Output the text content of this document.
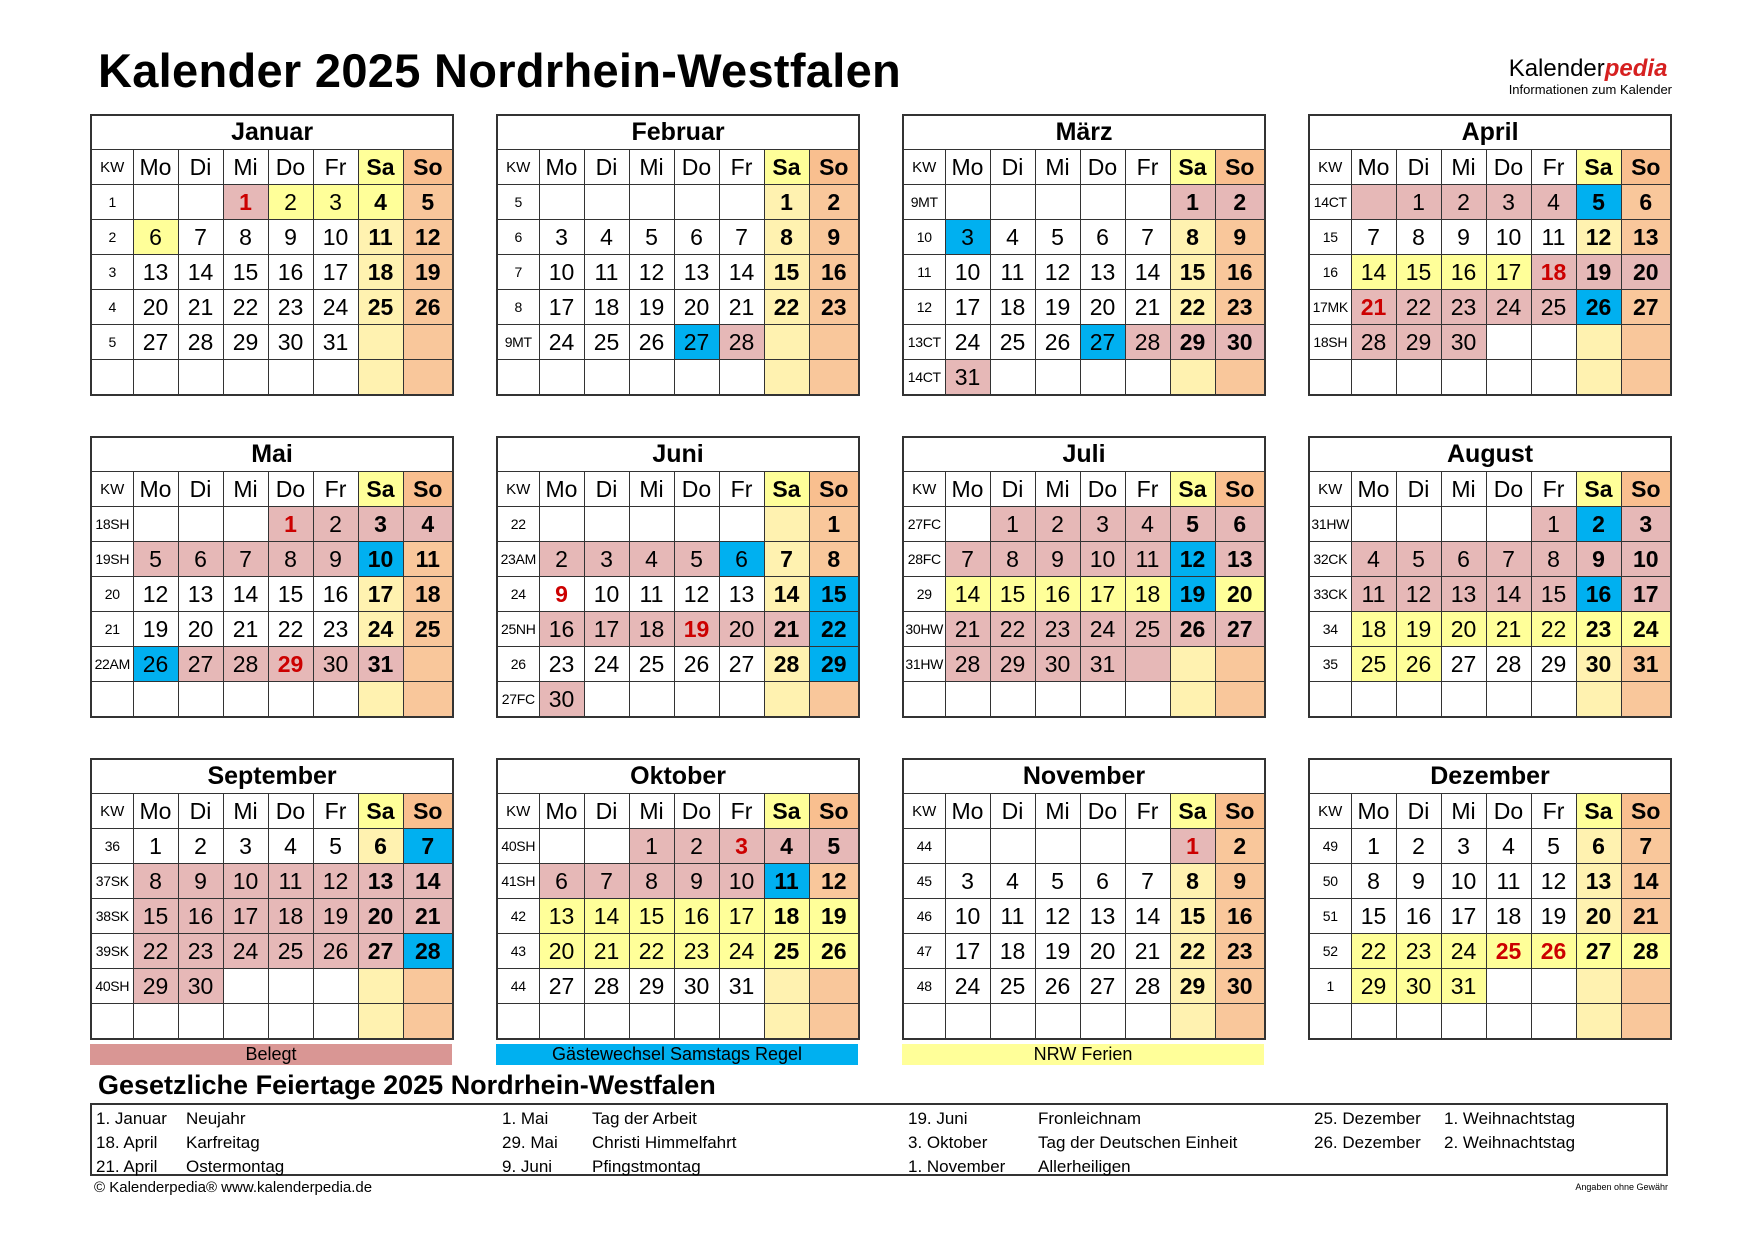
Kalender 2025 Nordrhein-Westfalen	Kalenderpedia
Informationen zum Kalender
Januar							
KW	Mo	Di	Mi	Do	Fr	Sa	So
1			1	2	3	4	5
2	6	7	8	9	10	11	12
3	13	14	15	16	17	18	19
4	20	21	22	23	24	25	26
5	27	28	29	30	31		

Februar							
KW	Mo	Di	Mi	Do	Fr	Sa	So
5						1	2
6	3	4	5	6	7	8	9
7	10	11	12	13	14	15	16
8	17	18	19	20	21	22	23
9MT	24	25	26	27	28		

März							
KW	Mo	Di	Mi	Do	Fr	Sa	So
9MT						1	2
10	3	4	5	6	7	8	9
11	10	11	12	13	14	15	16
12	17	18	19	20	21	22	23
13CT	24	25	26	27	28	29	30
14CT	31						
April							
KW	Mo	Di	Mi	Do	Fr	Sa	So
14CT		1	2	3	4	5	6
15	7	8	9	10	11	12	13
16	14	15	16	17	18	19	20
17MK	21	22	23	24	25	26	27
18SH	28	29	30				

Mai							
KW	Mo	Di	Mi	Do	Fr	Sa	So
18SH				1	2	3	4
19SH	5	6	7	8	9	10	11
20	12	13	14	15	16	17	18
21	19	20	21	22	23	24	25
22AM	26	27	28	29	30	31	

Juni							
KW	Mo	Di	Mi	Do	Fr	Sa	So
22							1
23AM	2	3	4	5	6	7	8
24	9	10	11	12	13	14	15
25NH	16	17	18	19	20	21	22
26	23	24	25	26	27	28	29
27FC	30						
Juli							
KW	Mo	Di	Mi	Do	Fr	Sa	So
27FC		1	2	3	4	5	6
28FC	7	8	9	10	11	12	13
29	14	15	16	17	18	19	20
30HW	21	22	23	24	25	26	27
31HW	28	29	30	31			

August							
KW	Mo	Di	Mi	Do	Fr	Sa	So
31HW					1	2	3
32CK	4	5	6	7	8	9	10
33CK	11	12	13	14	15	16	17
34	18	19	20	21	22	23	24
35	25	26	27	28	29	30	31

September							
KW	Mo	Di	Mi	Do	Fr	Sa	So
36	1	2	3	4	5	6	7
37SK	8	9	10	11	12	13	14
38SK	15	16	17	18	19	20	21
39SK	22	23	24	25	26	27	28
40SH	29	30					

Oktober							
KW	Mo	Di	Mi	Do	Fr	Sa	So
40SH			1	2	3	4	5
41SH	6	7	8	9	10	11	12
42	13	14	15	16	17	18	19
43	20	21	22	23	24	25	26
44	27	28	29	30	31		

November							
KW	Mo	Di	Mi	Do	Fr	Sa	So
44						1	2
45	3	4	5	6	7	8	9
46	10	11	12	13	14	15	16
47	17	18	19	20	21	22	23
48	24	25	26	27	28	29	30

Dezember							
KW	Mo	Di	Mi	Do	Fr	Sa	So
49	1	2	3	4	5	6	7
50	8	9	10	11	12	13	14
51	15	16	17	18	19	20	21
52	22	23	24	25	26	27	28
1	29	30	31				

Belegt	Gästewechsel Samstags Regel	NRW Ferien
Gesetzliche Feiertage 2025 Nordrhein-Westfalen
1. Januar Neujahr
18. April Karfreitag
21. April Ostermontag
1. Mai	Tag der Arbeit
29. Mai Christi Himmelfahrt
9. Juni Pfingstmontag
19. Juni	Fronleichnam
3. Oktober	Tag der Deutschen Einheit
1. November Allerheiligen
25. Dezember 1. Weihnachtstag
26. Dezember 2. Weihnachtstag
© Kalenderpedia® www.kalenderpedia.de	Angaben ohne Gewähr
